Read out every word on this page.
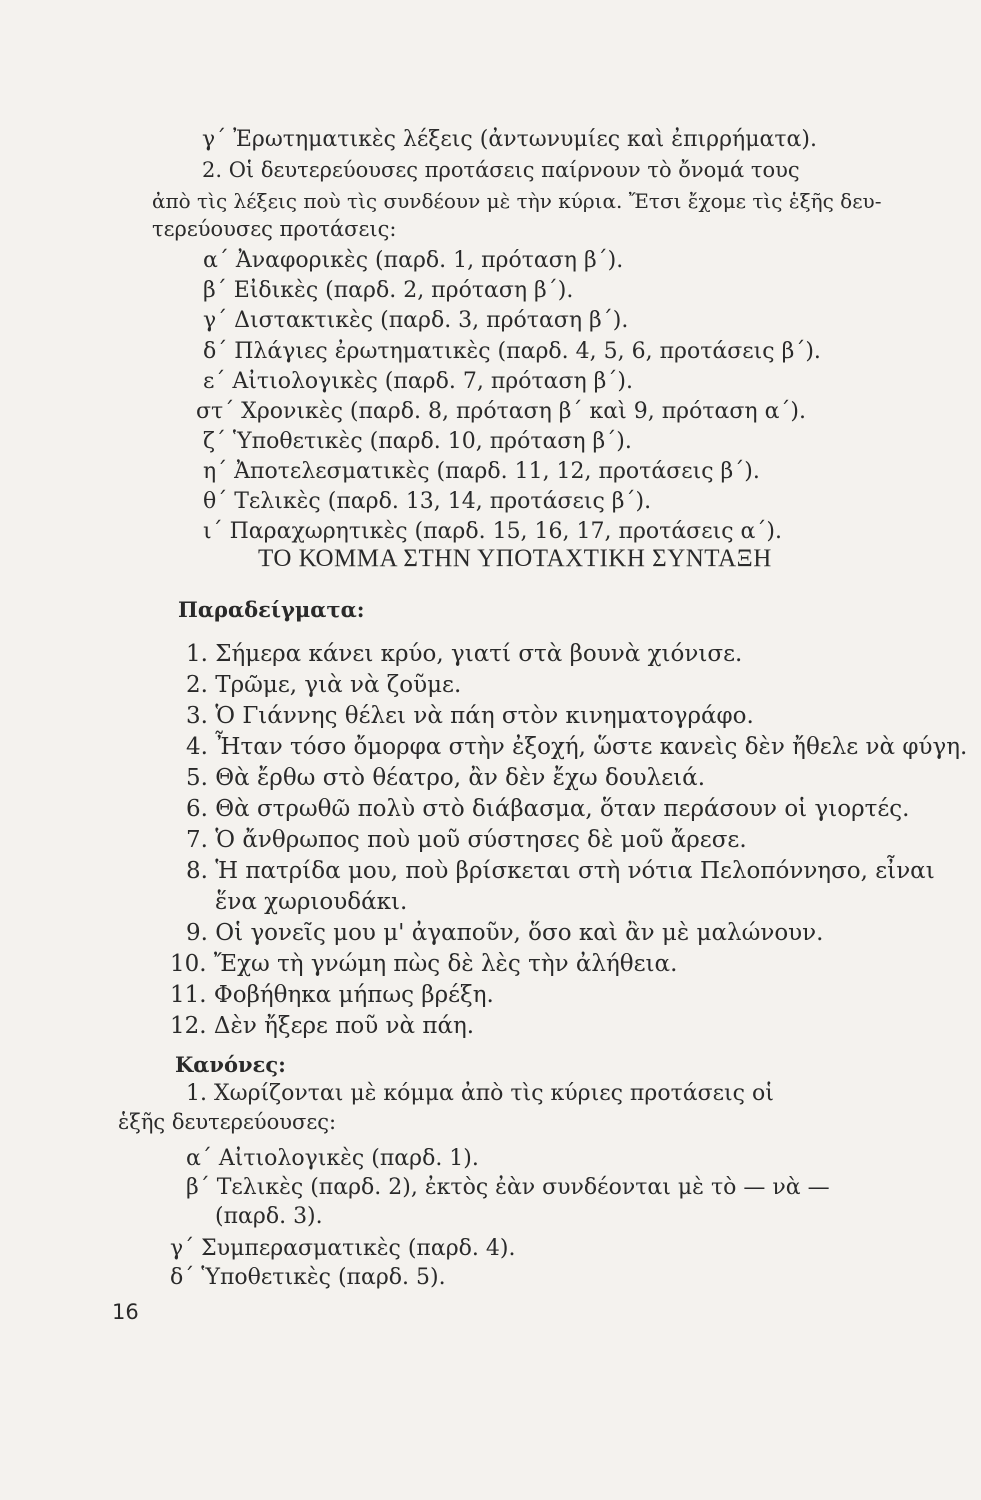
γ΄ Ἐρωτηματικὲς λέξεις (ἀντωνυμίες καὶ ἐπιρρήματα).
2. Οἱ δευτερεύουσες προτάσεις παίρνουν τὸ ὄνομά τους
ἀπὸ τὶς λέξεις ποὺ τὶς συνδέουν μὲ τὴν κύρια. Ἔτσι ἔχομε τὶς ἑξῆς δευ-
τερεύουσες προτάσεις:
α΄ Ἀναφορικὲς (παρδ. 1, πρόταση β΄).
β΄ Εἰδικὲς (παρδ. 2, πρόταση β΄).
γ΄ Διστακτικὲς (παρδ. 3, πρόταση β΄).
δ΄ Πλάγιες ἐρωτηματικὲς (παρδ. 4, 5, 6, προτάσεις β΄).
ε΄ Αἰτιολογικὲς (παρδ. 7, πρόταση β΄).
στ΄ Χρονικὲς (παρδ. 8, πρόταση β΄ καὶ 9, πρόταση α΄).
ζ΄ Ὑποθετικὲς (παρδ. 10, πρόταση β΄).
η΄ Ἀποτελεσματικὲς (παρδ. 11, 12, προτάσεις β΄).
θ΄ Τελικὲς (παρδ. 13, 14, προτάσεις β΄).
ι΄ Παραχωρητικὲς (παρδ. 15, 16, 17, προτάσεις α΄).
ΤΟ ΚΟΜΜΑ ΣΤΗΝ ΥΠΟΤΑΧΤΙΚΗ ΣΥΝΤΑΞΗ
Παραδείγματα:
1. Σήμερα κάνει κρύο, γιατί στὰ βουνὰ χιόνισε.
2. Τρῶμε, γιὰ νὰ ζοῦμε.
3. Ὁ Γιάννης θέλει νὰ πάη στὸν κινηματογράφο.
4. Ἦταν τόσο ὄμορφα στὴν ἐξοχή, ὥστε κανεὶς δὲν ἤθελε νὰ φύγη.
5. Θὰ ἔρθω στὸ θέατρο, ἂν δὲν ἔχω δουλειά.
6. Θὰ στρωθῶ πολὺ στὸ διάβασμα, ὅταν περάσουν οἱ γιορτές.
7. Ὁ ἄνθρωπος ποὺ μοῦ σύστησες δὲ μοῦ ἄρεσε.
8. Ἡ πατρίδα μου, ποὺ βρίσκεται στὴ νότια Πελοπόννησο, εἶναι
ἕνα χωριουδάκι.
9. Οἱ γονεῖς μου μ' ἀγαποῦν, ὅσο καὶ ἂν μὲ μαλώνουν.
10. Ἔχω τὴ γνώμη πὼς δὲ λὲς τὴν ἀλήθεια.
11. Φοβήθηκα μήπως βρέξη.
12. Δὲν ἤξερε ποῦ νὰ πάη.
Κανόνες:
1. Χωρίζονται μὲ κόμμα ἀπὸ τὶς κύριες προτάσεις οἱ
ἑξῆς δευτερεύουσες:
α΄ Αἰτιολογικὲς (παρδ. 1).
β΄ Τελικὲς (παρδ. 2), ἐκτὸς ἐὰν συνδέονται μὲ τὸ — νὰ —
(παρδ. 3).
γ΄ Συμπερασματικὲς (παρδ. 4).
δ΄ Ὑποθετικὲς (παρδ. 5).
16
